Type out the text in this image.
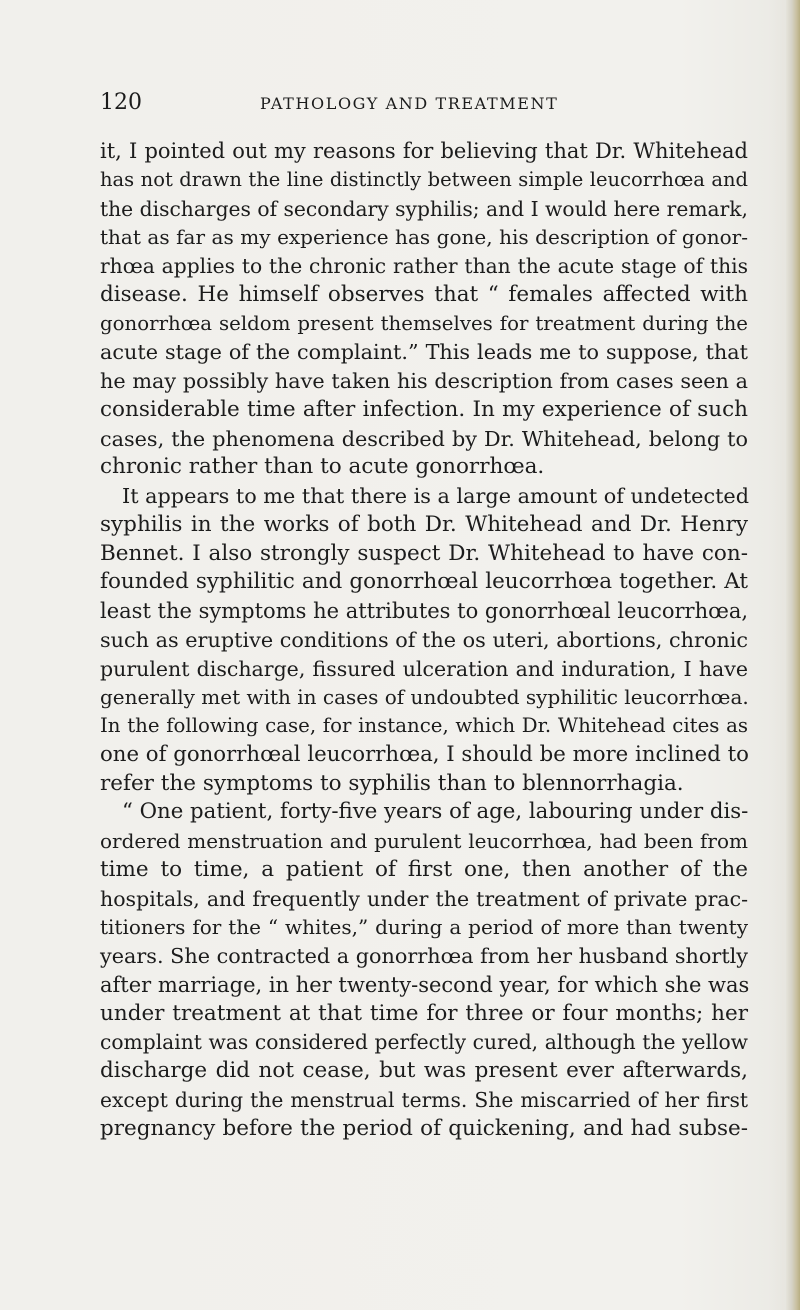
120	PATHOLOGY AND TREATMENT
it, I pointed out my reasons for believing that Dr. Whitehead
has not drawn the line distinctly between simple leucorrhœa and
the discharges of secondary syphilis; and I would here remark,
that as far as my experience has gone, his description of gonor-
rhœa applies to the chronic rather than the acute stage of this
disease. He himself observes that “ females affected with
gonorrhœa seldom present themselves for treatment during the
acute stage of the complaint.” This leads me to suppose, that
he may possibly have taken his description from cases seen a
considerable time after infection. In my experience of such
cases, the phenomena described by Dr. Whitehead, belong to
chronic rather than to acute gonorrhœa.
It appears to me that there is a large amount of undetected
syphilis in the works of both Dr. Whitehead and Dr. Henry
Bennet. I also strongly suspect Dr. Whitehead to have con-
founded syphilitic and gonorrhœal leucorrhœa together. At
least the symptoms he attributes to gonorrhœal leucorrhœa,
such as eruptive conditions of the os uteri, abortions, chronic
purulent discharge, fissured ulceration and induration, I have
generally met with in cases of undoubted syphilitic leucorrhœa.
In the following case, for instance, which Dr. Whitehead cites as
one of gonorrhœal leucorrhœa, I should be more inclined to
refer the symptoms to syphilis than to blennorrhagia.
“ One patient, forty-five years of age, labouring under dis-
ordered menstruation and purulent leucorrhœa, had been from
time to time, a patient of first one, then another of the
hospitals, and frequently under the treatment of private prac-
titioners for the “ whites,” during a period of more than twenty
years. She contracted a gonorrhœa from her husband shortly
after marriage, in her twenty-second year, for which she was
under treatment at that time for three or four months; her
complaint was considered perfectly cured, although the yellow
discharge did not cease, but was present ever afterwards,
except during the menstrual terms. She miscarried of her first
pregnancy before the period of quickening, and had subse-
